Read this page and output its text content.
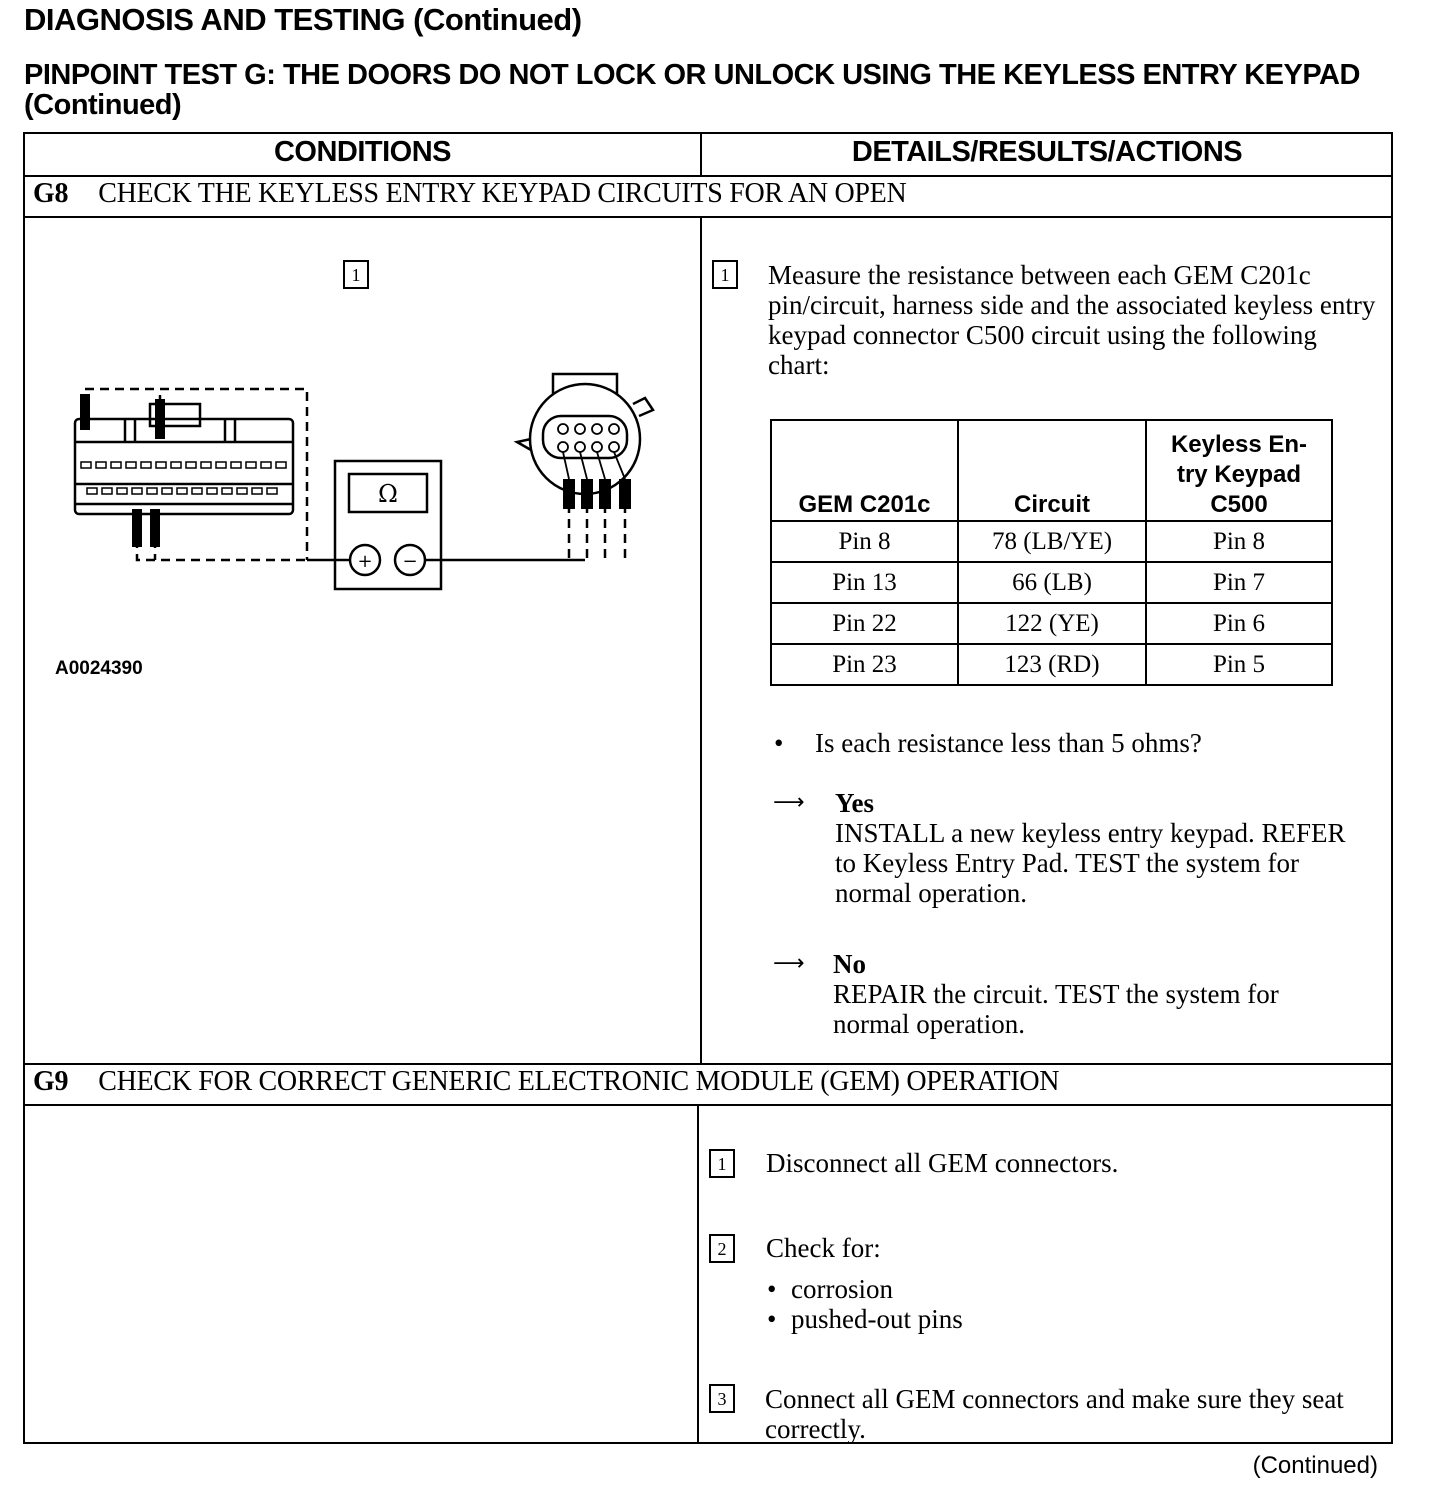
DIAGNOSIS AND TESTING (Continued)
PINPOINT TEST G: THE DOORS DO NOT LOCK OR UNLOCK USING THE KEYLESS ENTRY KEYPAD (Continued)
CONDITIONS	DETAILS/RESULTS/ACTIONS
G8 CHECK THE KEYLESS ENTRY KEYPAD CIRCUITS FOR AN OPEN
1
Ω
+ −
A0024390
1	Measure the resistance between each GEM C201c pin/circuit, harness side and the associated keyless entry keypad connector C500 circuit using the following chart:
GEM C201c	Circuit	Keyless En-try Keypad C500
Pin 8	78 (LB/YE)	Pin 8
Pin 13	66 (LB)	Pin 7
Pin 22	122 (YE)	Pin 6
Pin 23	123 (RD)	Pin 5
• Is each resistance less than 5 ohms?
⟶ Yes
INSTALL a new keyless entry keypad. REFER to Keyless Entry Pad. TEST the system for normal operation.
⟶ No
REPAIR the circuit. TEST the system for normal operation.
G9 CHECK FOR CORRECT GENERIC ELECTRONIC MODULE (GEM) OPERATION
1	Disconnect all GEM connectors.
2	Check for:
• corrosion
• pushed-out pins
3	Connect all GEM connectors and make sure they seat correctly.
(Continued)
